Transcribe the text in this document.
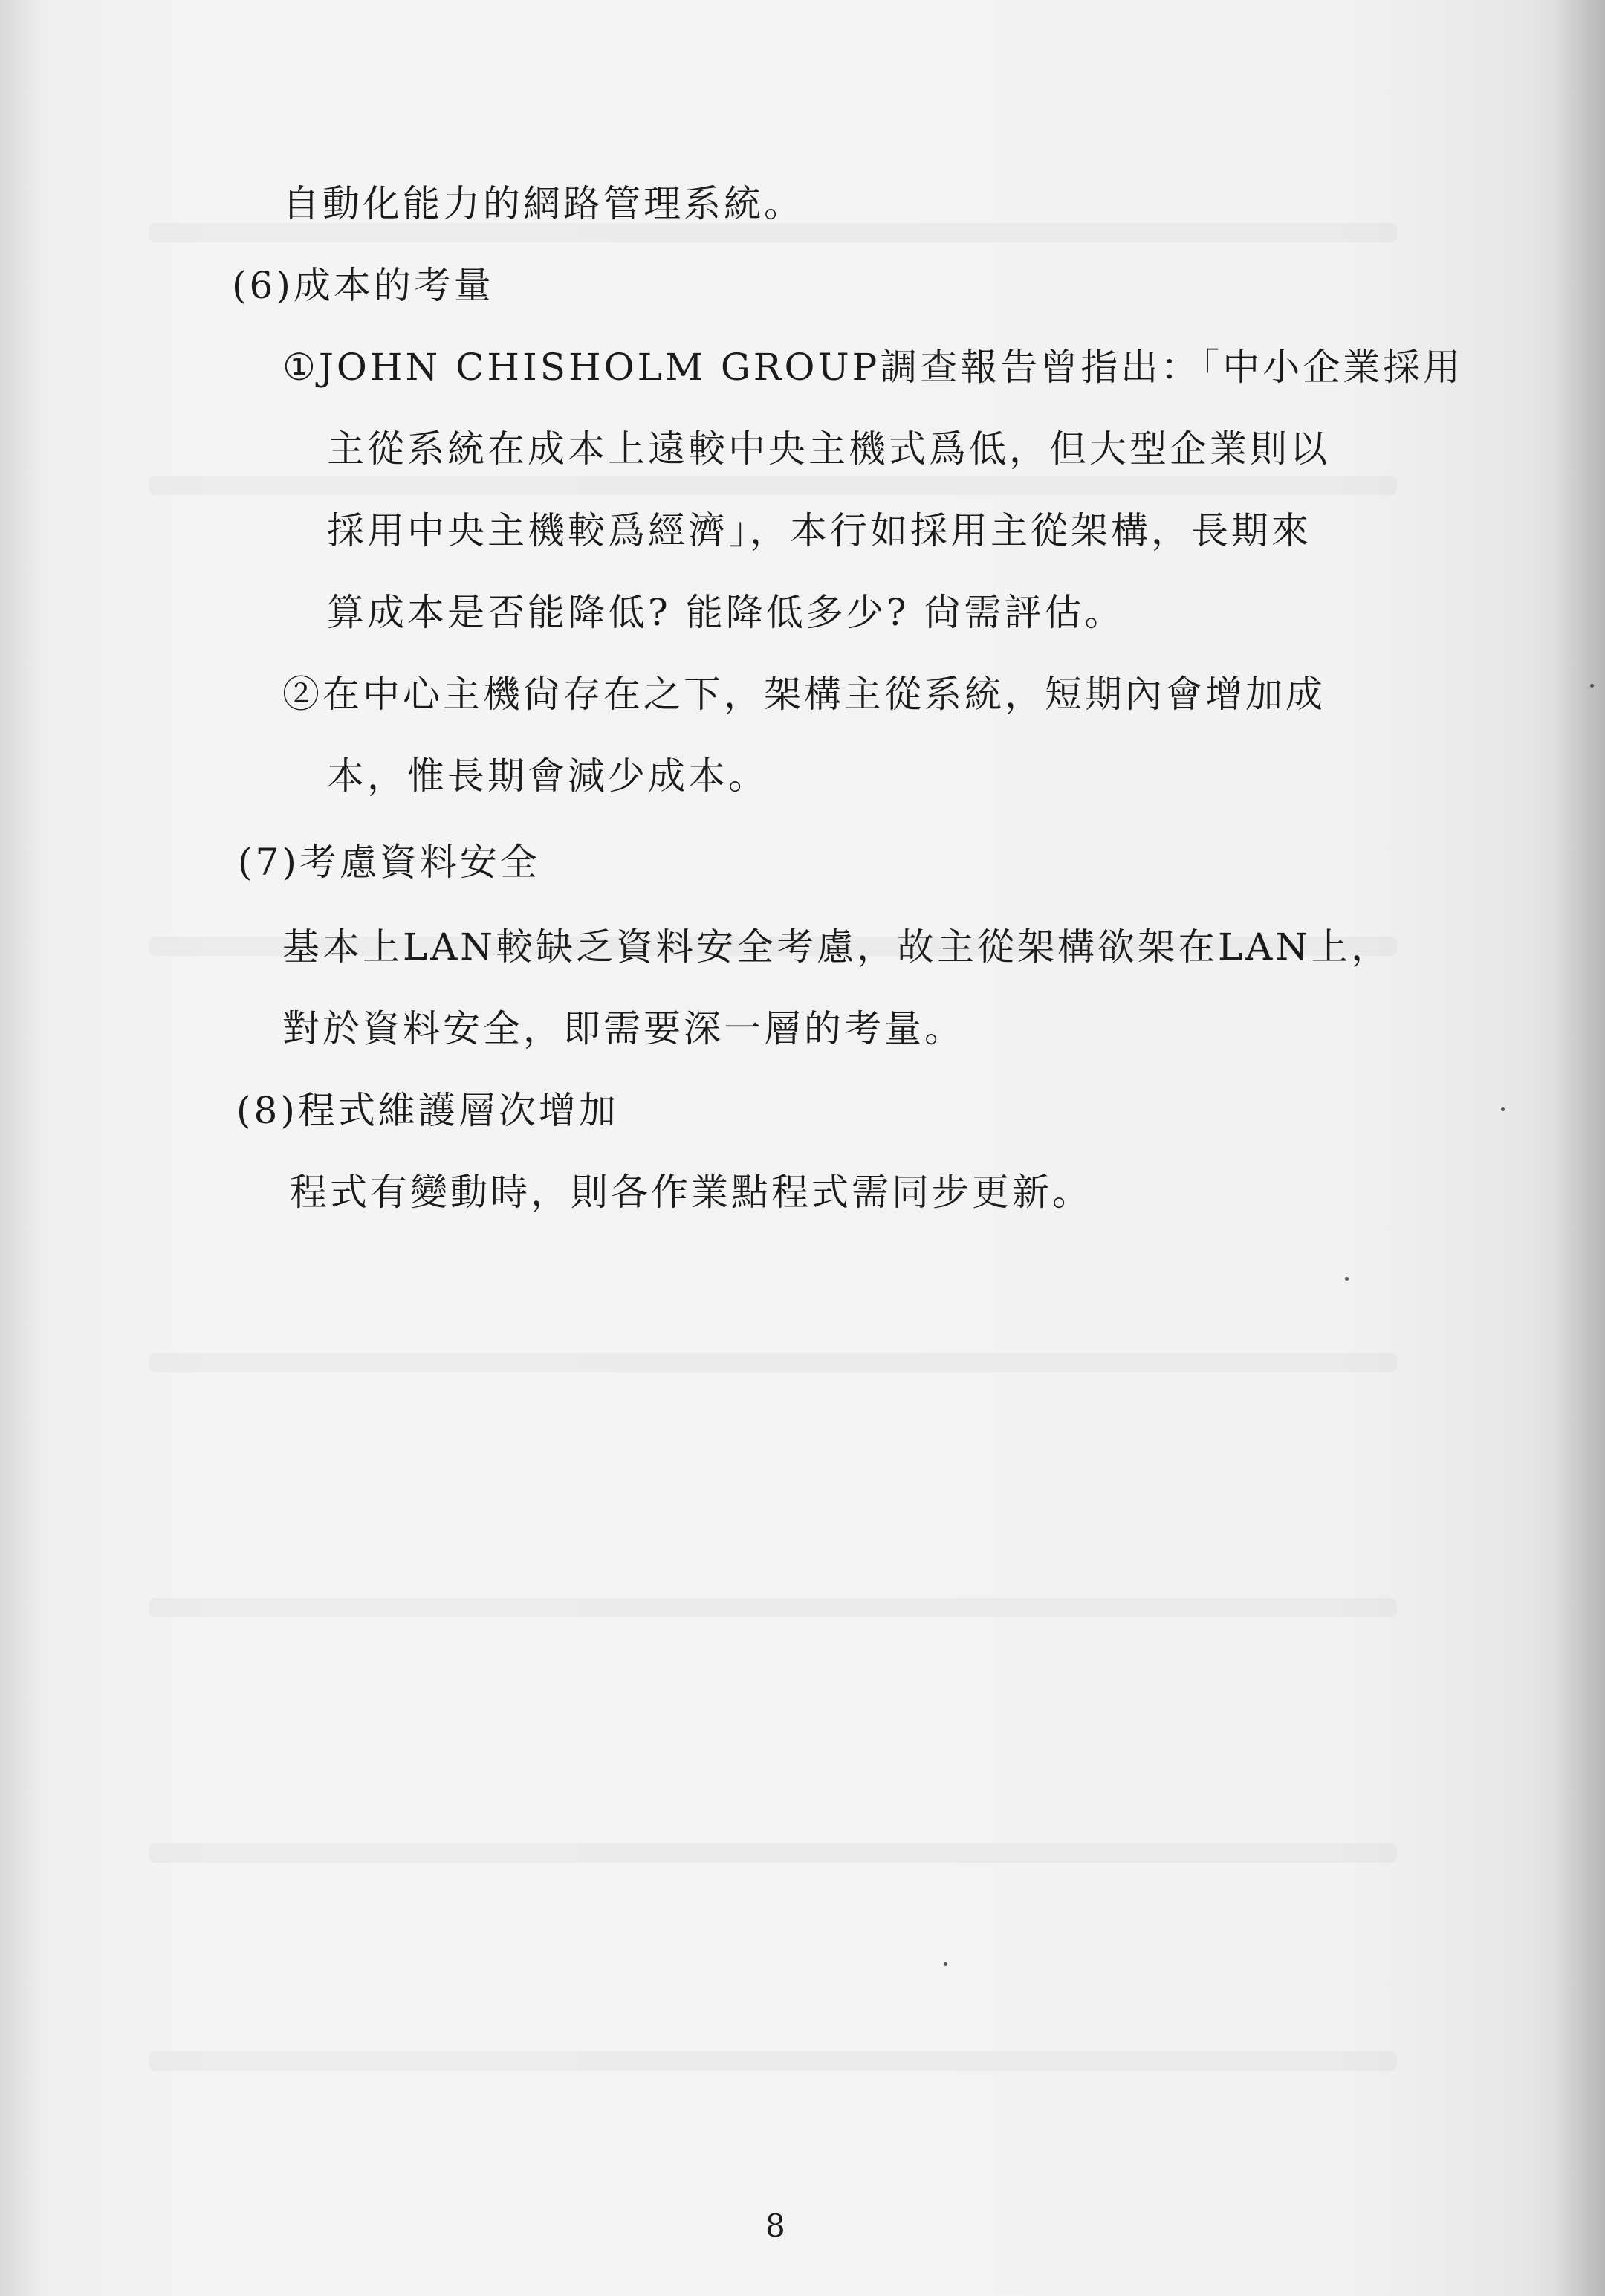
自動化能力的網路管理系統。
(6)成本的考量
①JOHN CHISHOLM GROUP調查報告曾指出：「中小企業採用
主從系統在成本上遠較中央主機式爲低，但大型企業則以
採用中央主機較爲經濟」，本行如採用主從架構，長期來
算成本是否能降低? 能降低多少? 尙需評估。
②在中心主機尙存在之下，架構主從系統，短期內會增加成
本，惟長期會減少成本。
(7)考慮資料安全
基本上LAN較缺乏資料安全考慮，故主從架構欲架在LAN上，
對於資料安全，即需要深一層的考量。
(8)程式維護層次增加
程式有變動時，則各作業點程式需同步更新。
8
